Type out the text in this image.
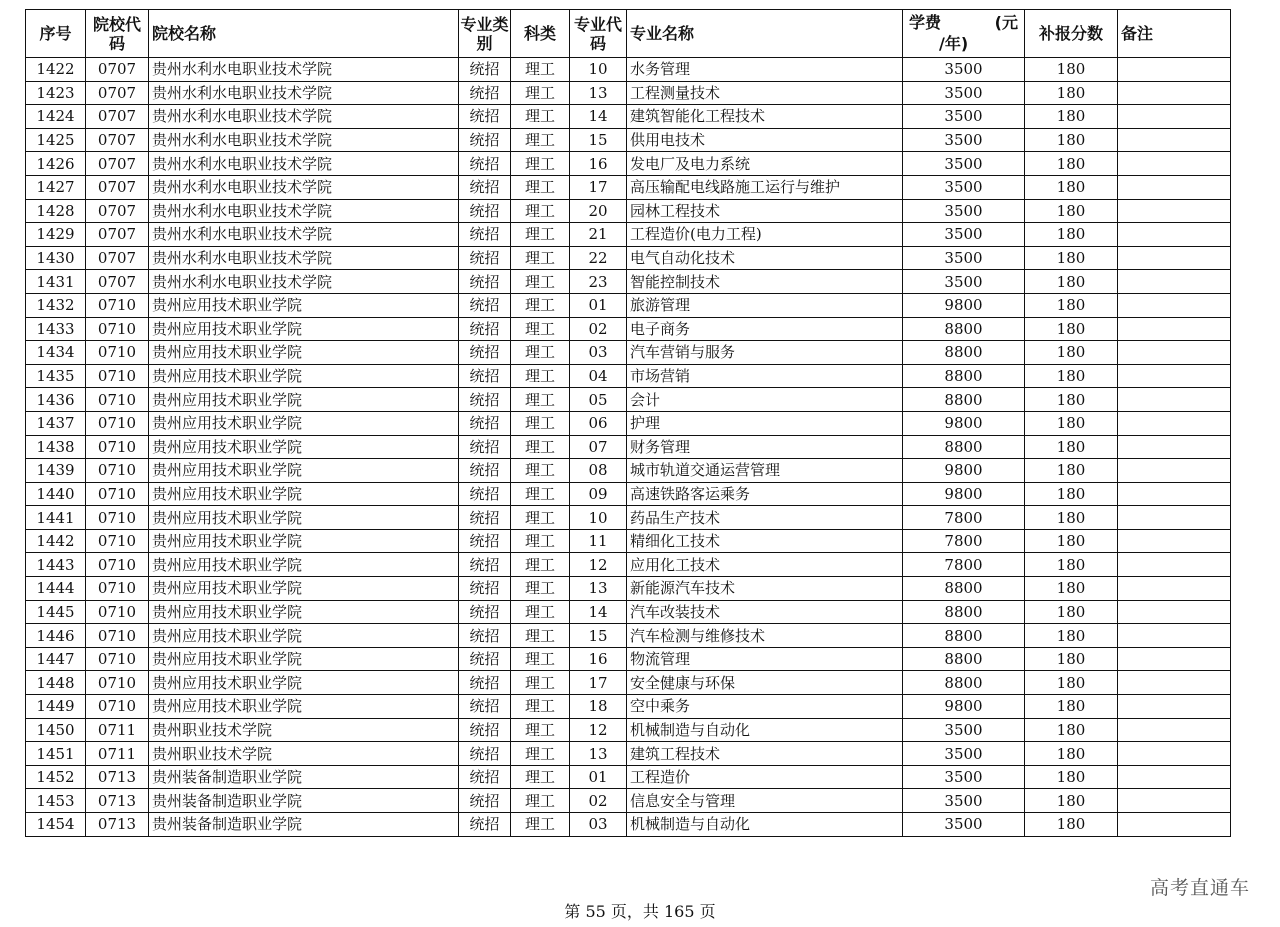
序号	院校代码	院校名称	专业类别	科类	专业代码	专业名称	学费 (元
/年)	补报分数	备注
1422	0707	贵州水利水电职业技术学院	统招	理工	10	水务管理	3500	180	
1423	0707	贵州水利水电职业技术学院	统招	理工	13	工程测量技术	3500	180	
1424	0707	贵州水利水电职业技术学院	统招	理工	14	建筑智能化工程技术	3500	180	
1425	0707	贵州水利水电职业技术学院	统招	理工	15	供用电技术	3500	180	
1426	0707	贵州水利水电职业技术学院	统招	理工	16	发电厂及电力系统	3500	180	
1427	0707	贵州水利水电职业技术学院	统招	理工	17	高压输配电线路施工运行与维护	3500	180	
1428	0707	贵州水利水电职业技术学院	统招	理工	20	园林工程技术	3500	180	
1429	0707	贵州水利水电职业技术学院	统招	理工	21	工程造价(电力工程)	3500	180	
1430	0707	贵州水利水电职业技术学院	统招	理工	22	电气自动化技术	3500	180	
1431	0707	贵州水利水电职业技术学院	统招	理工	23	智能控制技术	3500	180	
1432	0710	贵州应用技术职业学院	统招	理工	01	旅游管理	9800	180	
1433	0710	贵州应用技术职业学院	统招	理工	02	电子商务	8800	180	
1434	0710	贵州应用技术职业学院	统招	理工	03	汽车营销与服务	8800	180	
1435	0710	贵州应用技术职业学院	统招	理工	04	市场营销	8800	180	
1436	0710	贵州应用技术职业学院	统招	理工	05	会计	8800	180	
1437	0710	贵州应用技术职业学院	统招	理工	06	护理	9800	180	
1438	0710	贵州应用技术职业学院	统招	理工	07	财务管理	8800	180	
1439	0710	贵州应用技术职业学院	统招	理工	08	城市轨道交通运营管理	9800	180	
1440	0710	贵州应用技术职业学院	统招	理工	09	高速铁路客运乘务	9800	180	
1441	0710	贵州应用技术职业学院	统招	理工	10	药品生产技术	7800	180	
1442	0710	贵州应用技术职业学院	统招	理工	11	精细化工技术	7800	180	
1443	0710	贵州应用技术职业学院	统招	理工	12	应用化工技术	7800	180	
1444	0710	贵州应用技术职业学院	统招	理工	13	新能源汽车技术	8800	180	
1445	0710	贵州应用技术职业学院	统招	理工	14	汽车改装技术	8800	180	
1446	0710	贵州应用技术职业学院	统招	理工	15	汽车检测与维修技术	8800	180	
1447	0710	贵州应用技术职业学院	统招	理工	16	物流管理	8800	180	
1448	0710	贵州应用技术职业学院	统招	理工	17	安全健康与环保	8800	180	
1449	0710	贵州应用技术职业学院	统招	理工	18	空中乘务	9800	180	
1450	0711	贵州职业技术学院	统招	理工	12	机械制造与自动化	3500	180	
1451	0711	贵州职业技术学院	统招	理工	13	建筑工程技术	3500	180	
1452	0713	贵州装备制造职业学院	统招	理工	01	工程造价	3500	180	
1453	0713	贵州装备制造职业学院	统招	理工	02	信息安全与管理	3500	180	
1454	0713	贵州装备制造职业学院	统招	理工	03	机械制造与自动化	3500	180	
高考直通车
第 55 页，共 165 页
